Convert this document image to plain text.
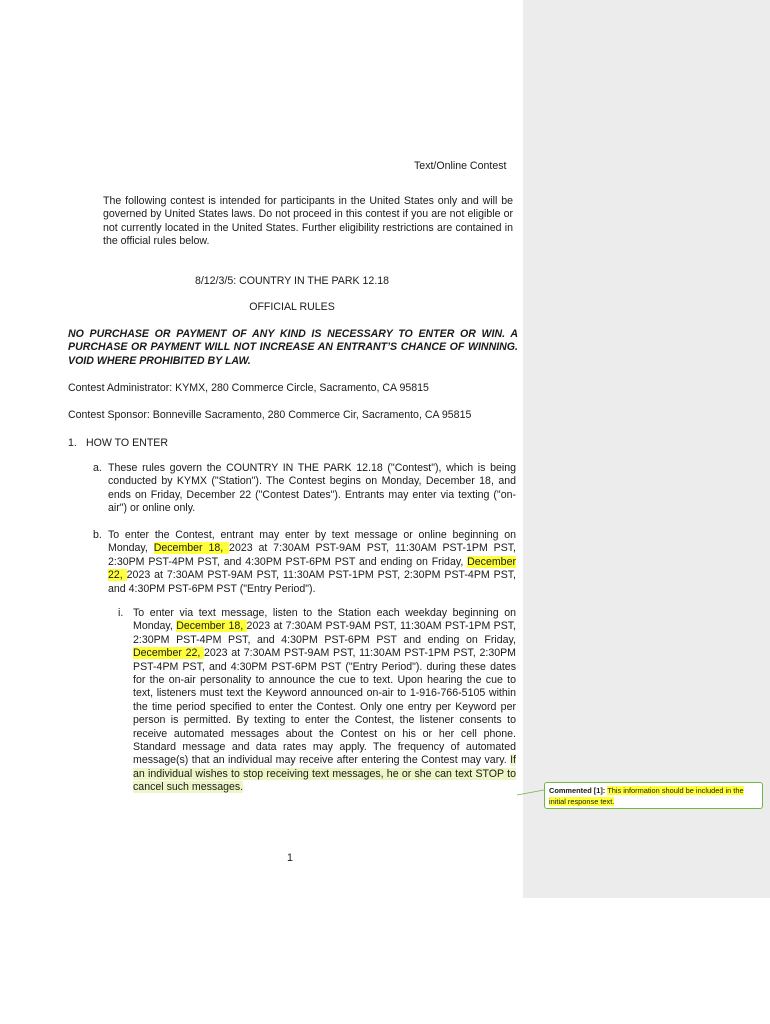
Text/Online Contest
The following contest is intended for participants in the United States only and will be governed by United States laws. Do not proceed in this contest if you are not eligible or not currently located in the United States. Further eligibility restrictions are contained in the official rules below.
8/12/3/5: COUNTRY IN THE PARK 12.18
OFFICIAL RULES
NO PURCHASE OR PAYMENT OF ANY KIND IS NECESSARY TO ENTER OR WIN. A PURCHASE OR PAYMENT WILL NOT INCREASE AN ENTRANT’S CHANCE OF WINNING. VOID WHERE PROHIBITED BY LAW.
Contest Administrator: KYMX, 280 Commerce Circle, Sacramento, CA 95815
Contest Sponsor: Bonneville Sacramento, 280 Commerce Cir, Sacramento, CA 95815
1. HOW TO ENTER
a. These rules govern the COUNTRY IN THE PARK 12.18 ("Contest"), which is being conducted by KYMX ("Station"). The Contest begins on Monday, December 18, and ends on Friday, December 22 ("Contest Dates"). Entrants may enter via texting ("on-air") or online only.
b. To enter the Contest, entrant may enter by text message or online beginning on Monday, December 18, 2023 at 7:30AM PST-9AM PST, 11:30AM PST-1PM PST, 2:30PM PST-4PM PST, and 4:30PM PST-6PM PST and ending on Friday, December 22, 2023 at 7:30AM PST-9AM PST, 11:30AM PST-1PM PST, 2:30PM PST-4PM PST, and 4:30PM PST-6PM PST ("Entry Period").
i. To enter via text message, listen to the Station each weekday beginning on Monday, December 18, 2023 at 7:30AM PST-9AM PST, 11:30AM PST-1PM PST, 2:30PM PST-4PM PST, and 4:30PM PST-6PM PST and ending on Friday, December 22, 2023 at 7:30AM PST-9AM PST, 11:30AM PST-1PM PST, 2:30PM PST-4PM PST, and 4:30PM PST-6PM PST ("Entry Period"). during these dates for the on-air personality to announce the cue to text. Upon hearing the cue to text, listeners must text the Keyword announced on-air to 1-916-766-5105 within the time period specified to enter the Contest. Only one entry per Keyword per person is permitted. By texting to enter the Contest, the listener consents to receive automated messages about the Contest on his or her cell phone. Standard message and data rates may apply. The frequency of automated message(s) that an individual may receive after entering the Contest may vary. If an individual wishes to stop receiving text messages, he or she can text STOP to cancel such messages.
1
Commented [1]: This information should be included in the initial response text.
